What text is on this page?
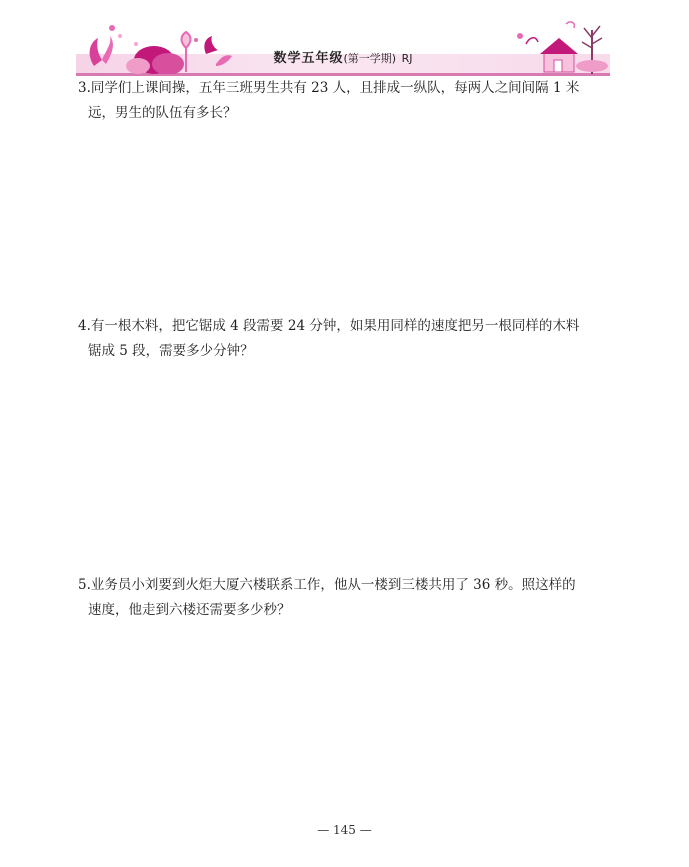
数学五年级(第一学期) RJ
3.同学们上课间操，五年三班男生共有 23 人，且排成一纵队，每两人之间间隔 1 米
远，男生的队伍有多长？
4.有一根木料，把它锯成 4 段需要 24 分钟，如果用同样的速度把另一根同样的木料
锯成 5 段，需要多少分钟？
5.业务员小刘要到火炬大厦六楼联系工作，他从一楼到三楼共用了 36 秒。照这样的
速度，他走到六楼还需要多少秒？
— 145 —
